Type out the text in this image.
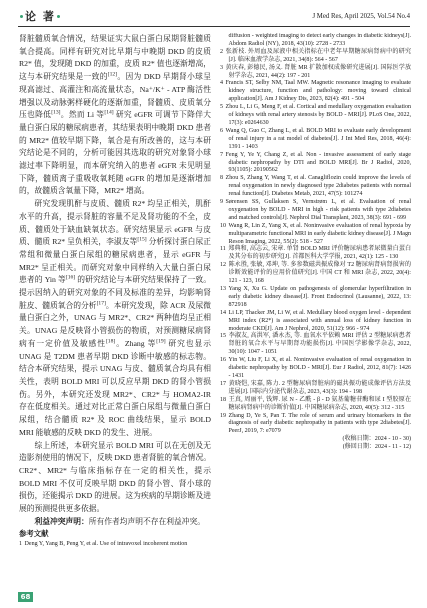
论 著	J Med Res, April 2025, Vol.54 No.4

肾脏髓质氧合情况，结果证实大鼠白蛋白尿期肾脏髓质氧合提高。同样有研究对比早期与中晚期 DKD 的皮质 R2* 值，发现随 DKD 的加重，皮质 R2* 值也逐渐增高，这与本研究结果是一致的[12]。因为 DKD 早期肾小球呈现高滤过、高灌注和高流量状态，Na⁺/K⁺ - ATP 酶活性增强以及动脉粥样硬化的逐渐加重，肾髓质、皮质氧分压也降低[13]。然而 Li 等[14] 研究 eGFR 可调节下降伴大量白蛋白尿的糖尿病患者，其结果表明中晚期 DKD 患者的 MR2* 值较早期下降，氧合是有所改善的，这与本研究结论是不同的，分析可能因其选取的研究对象肾小球滤过率下降明显，而本研究纳入的患者 eGFR 未见明显下降，髓质离子重吸收氧耗随 eGFR 的增加是逐渐增加的，故髓质含氧量下降，MR2* 增高。

研究发现肌酐与皮质、髓质 R2* 均呈正相关，肌酐水平的升高，提示肾脏的容量不足及肾功能的不全，皮质、髓质处于缺血缺氧状态。研究结果显示 eGFR 与皮质、髓质 R2* 呈负相关，李淑友等[15] 分析探讨蛋白尿正常组和微量白蛋白尿组的糖尿病患者，显示 eGFR 与 MR2* 呈正相关。而研究对象中同样纳入大量白蛋白尿患者的 Yin 等[16] 的研究结论与本研究结果保持了一致。提示因纳入的研究对象的不同及标准的差异，均影响肾脏皮、髓质氧合的分析[17]。本研究发现，除 ACR 及尿微量白蛋白之外，UNAG 与 MR2*、CR2* 两种值均呈正相关。UNAG 是反映肾小管损伤的物质，对预测糖尿病肾病有一定价值及敏感性[18]。Zhang 等[19] 研究也显示 UNAG 是 T2DM 患者早期 DKD 诊断中敏感的标志物。结合本研究结果，提示 UNAG 与皮、髓质氧合均具有相关性，表明 BOLD MRI 可以反应早期 DKD 的肾小管损伤。另外，本研究还发现 MR2*、CR2* 与 HOMA2-IR 存在低度相关。通过对比正常白蛋白尿组与微量白蛋白尿组，结合髓质 R2* 及 ROC 曲线结果，显示 BOLD MRI 能敏感的反映 DKD 的发生、进展。

综上所述，本研究显示 BOLD MRI 可以在无创及无造影剂使用的情况下，反映 DKD 患者肾脏的氧合情况。CR2*、MR2* 与临床指标存在一定的相关性，提示 BOLD MRI 不仅可反映早期 DKD 的肾小管、肾小球的损伤，还能揭示 DKD 的进展。这为疾病的早期诊断及进展的预测提供更多依据。

利益冲突声明：所有作者均声明不存在利益冲突。

参考文献
1 Deng Y, Yang B, Peng Y, et al. Use of intravoxel incoherent motion
diffusion - weighted imaging to detect early changes in diabetic kidneys[J]. Abdom Radiol (NY), 2018, 43(10): 2728 - 2733
2 张新枝. 外周血及尿液中相关指标在中老年早期糖尿病肾病中的研究[J]. 临床血液学杂志, 2021, 34(8): 564 - 567
3 黄庆春, 彭德民, 汤义. 肾脏 MR 扩散加权成像研究进展[J]. 国际医学放射学杂志, 2021, 44(2): 197 - 201
4 Francis ST, Selby NM, Taal MW. Magnetic resonance imaging to evaluate kidney structure, function and pathology: moving toward clinical application[J]. Am J Kidney Dis, 2023, 82(4): 491 - 504
5 Zhou L, Li G, Meng F, et al. Cortical and medullary oxygenation evaluation of kidneys with renal artery stenosis by BOLD - MRI[J]. PLoS One, 2022, 17(3): e0264630
6 Wang Q, Guo C, Zhang L, et al. BOLD MRI to evaluate early development of renal injury in a rat model of diabetes[J]. J Int Med Res, 2018, 46(4): 1391 - 1403
7 Feng Y, Ye Y, Chang Z, et al. Non - invasive assessment of early stage diabetic nephropathy by DTI and BOLD MRI[J]. Br J Radiol, 2020, 93(1105): 20190562
8 Zhou S, Zhang Y, Wang T, et al. Canagliflozin could improve the levels of renal oxygenation in newly diagnosed type 2diabetes patients with normal renal function[J]. Diabetes Metab, 2021, 47(5): 101274
9 Sørensen SS, Gullaksen S, Vernstrøm L, et al. Evaluation of renal oxygenation by BOLD - MRI in high - risk patients with type 2diabetes and matched controls[J]. Nephrol Dial Transplant, 2023, 38(3): 691 - 699
10 Wang R, Lin Z, Yang X, et al. Noninvasive evaluation of renal hypoxia by multiparametric functional MRI in early diabetic kidney disease[J]. J Magn Reson Imaging, 2022, 55(2): 518 - 527
11 郑典和, 高志云, 宋章. 单肾 BOLD MRI 评价糖尿病患者尿微量白蛋白及其分布的初步研究[J]. 首都医科大学学报, 2021, 42(1): 125 - 130
12 陈永胜, 张敏, 邓坤, 等. 多参数磁共振成像对 T2 糖尿病肾病肾损害的诊断效能评价的应用价值研究[J]. 中国 CT 和 MRI 杂志, 2022, 20(4): 121 - 123, 168
13 Yang X, Xu G. Update on pathogenesis of glomerular hyperfiltration in early diabetic kidney disease[J]. Front Endocrinol (Lausanne), 2022, 13: 872918
14 Li LP, Thacker JM, Li W, et al. Medullary blood oxygen level - dependent MRI index (R2*) is associated with annual loss of kidney function in moderate CKD[J]. Am J Nephrol, 2020, 51(12): 966 - 974
15 李淑友, 高洪军, 潘永杰, 等. 血氧水平依赖 MRI 评估 2 型糖尿病患者肾脏的氧合水平与早期肾功能损伤[J]. 中国医学影像学杂志, 2022, 30(10): 1047 - 1051
16 Yin W, Liu F, Li X, et al. Noninvasive evaluation of renal oxygenation in diabetic nephropathy by BOLD - MRI[J]. Eur J Radiol, 2012, 81(7): 1426 - 1431
17 黄晓恺, 宋嘉, 陈力. 2 型糖尿病肾脏病的磁共振功能成像评估方法及进展[J]. 国际内分泌代谢杂志, 2023, 43(3): 194 - 198
18 王真, 周丽平, 钱辉. 尿 N - 乙酰 - β - D 氨基葡糖苷酶和尿 I 型胶原在糖尿病肾病中的诊断价值[J]. 中国糖尿病杂志, 2020, 40(5): 312 - 315
19 Zhang D, Ye S, Pan T. The role of serum and urinary biomarkers in the diagnosis of early diabetic nephropathy in patients with type 2diabetes[J]. PeerJ, 2019, 7: e7079
(收稿日期：2024 - 10 - 30)
(修回日期：2024 - 11 - 12)
68
